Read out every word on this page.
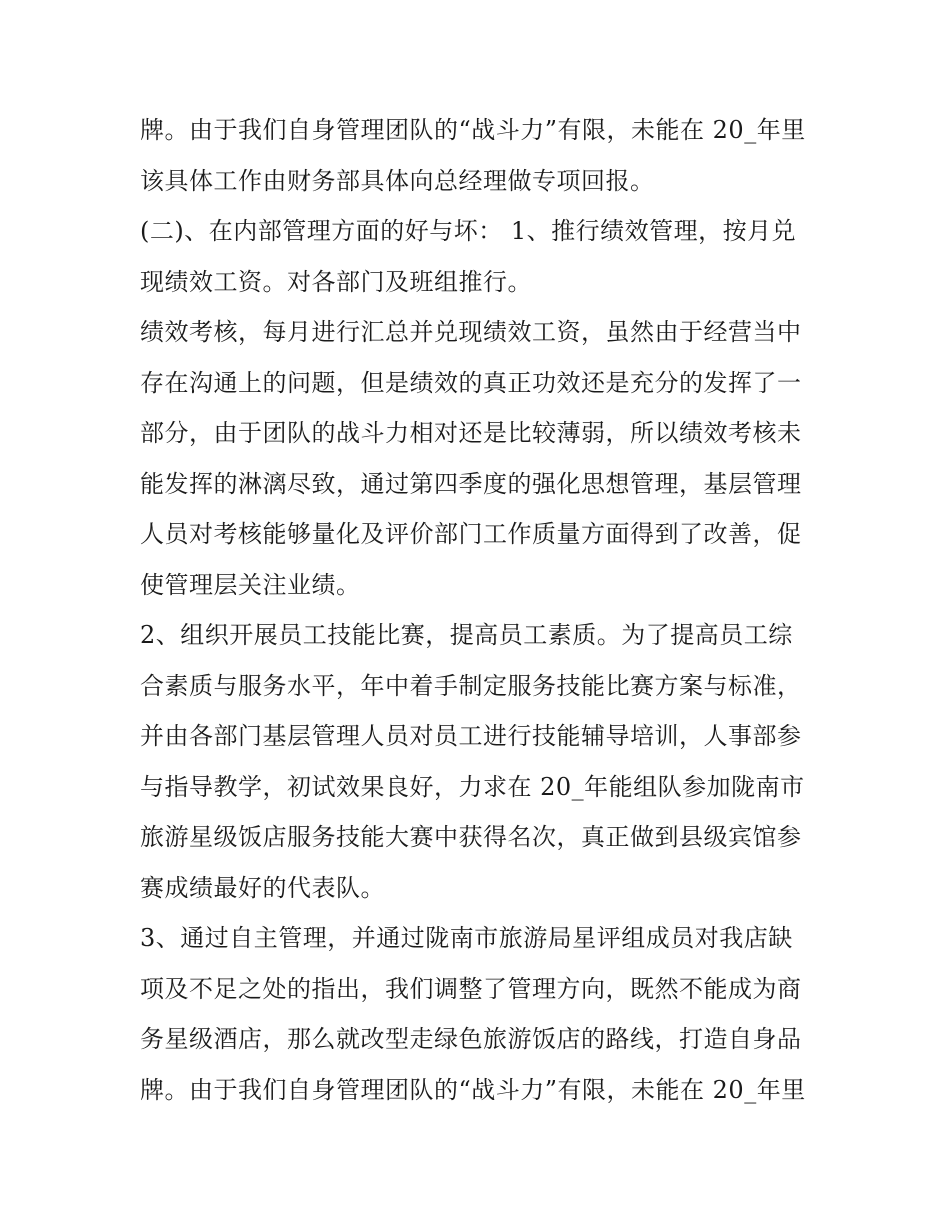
牌。由于我们自身管理团队的“战斗力”有限，未能在 20_年里

该具体工作由财务部具体向总经理做专项回报。

(二)、在内部管理方面的好与坏： 1、推行绩效管理，按月兑

现绩效工资。对各部门及班组推行。

绩效考核，每月进行汇总并兑现绩效工资，虽然由于经营当中

存在沟通上的问题，但是绩效的真正功效还是充分的发挥了一

部分，由于团队的战斗力相对还是比较薄弱，所以绩效考核未

能发挥的淋漓尽致，通过第四季度的强化思想管理，基层管理

人员对考核能够量化及评价部门工作质量方面得到了改善，促

使管理层关注业绩。

2、组织开展员工技能比赛，提高员工素质。为了提高员工综

合素质与服务水平，年中着手制定服务技能比赛方案与标准，

并由各部门基层管理人员对员工进行技能辅导培训，人事部参

与指导教学，初试效果良好，力求在 20_年能组队参加陇南市

旅游星级饭店服务技能大赛中获得名次，真正做到县级宾馆参

赛成绩最好的代表队。

3、通过自主管理，并通过陇南市旅游局星评组成员对我店缺

项及不足之处的指出，我们调整了管理方向，既然不能成为商

务星级酒店，那么就改型走绿色旅游饭店的路线，打造自身品

牌。由于我们自身管理团队的“战斗力”有限，未能在 20_年里
